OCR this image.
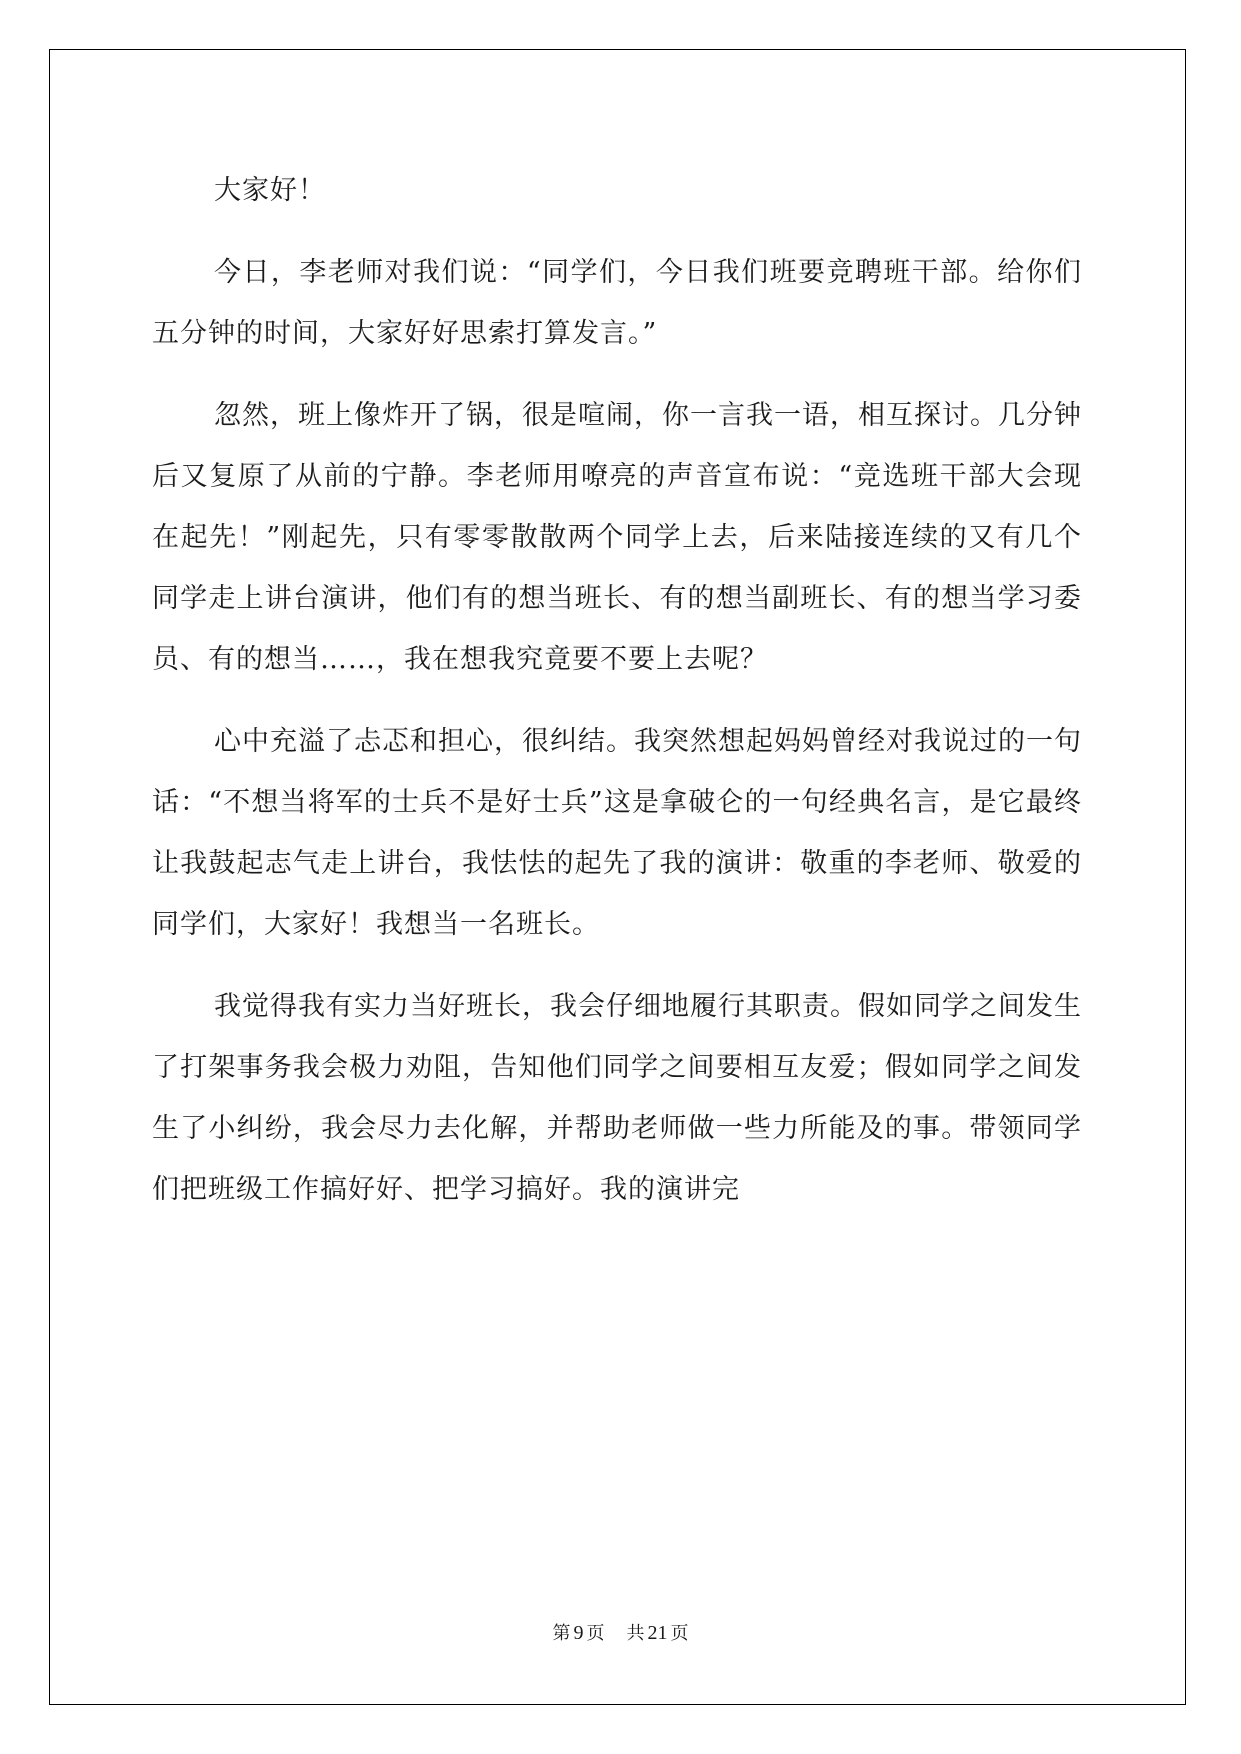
大家好！

今日，李老师对我们说：“同学们，今日我们班要竞聘班干部。给你们五分钟的时间，大家好好思索打算发言。”

忽然，班上像炸开了锅，很是喧闹，你一言我一语，相互探讨。几分钟后又复原了从前的宁静。李老师用嘹亮的声音宣布说：“竞选班干部大会现在起先！”刚起先，只有零零散散两个同学上去，后来陆接连续的又有几个同学走上讲台演讲，他们有的想当班长、有的想当副班长、有的想当学习委员、有的想当……，我在想我究竟要不要上去呢？

心中充溢了忐忑和担心，很纠结。我突然想起妈妈曾经对我说过的一句话：“不想当将军的士兵不是好士兵”这是拿破仑的一句经典名言，是它最终让我鼓起志气走上讲台，我怯怯的起先了我的演讲：敬重的李老师、敬爱的同学们，大家好！我想当一名班长。

我觉得我有实力当好班长，我会仔细地履行其职责。假如同学之间发生了打架事务我会极力劝阻，告知他们同学之间要相互友爱；假如同学之间发生了小纠纷，我会尽力去化解，并帮助老师做一些力所能及的事。带领同学们把班级工作搞好好、把学习搞好。我的演讲完

第 9 页 共 21 页
